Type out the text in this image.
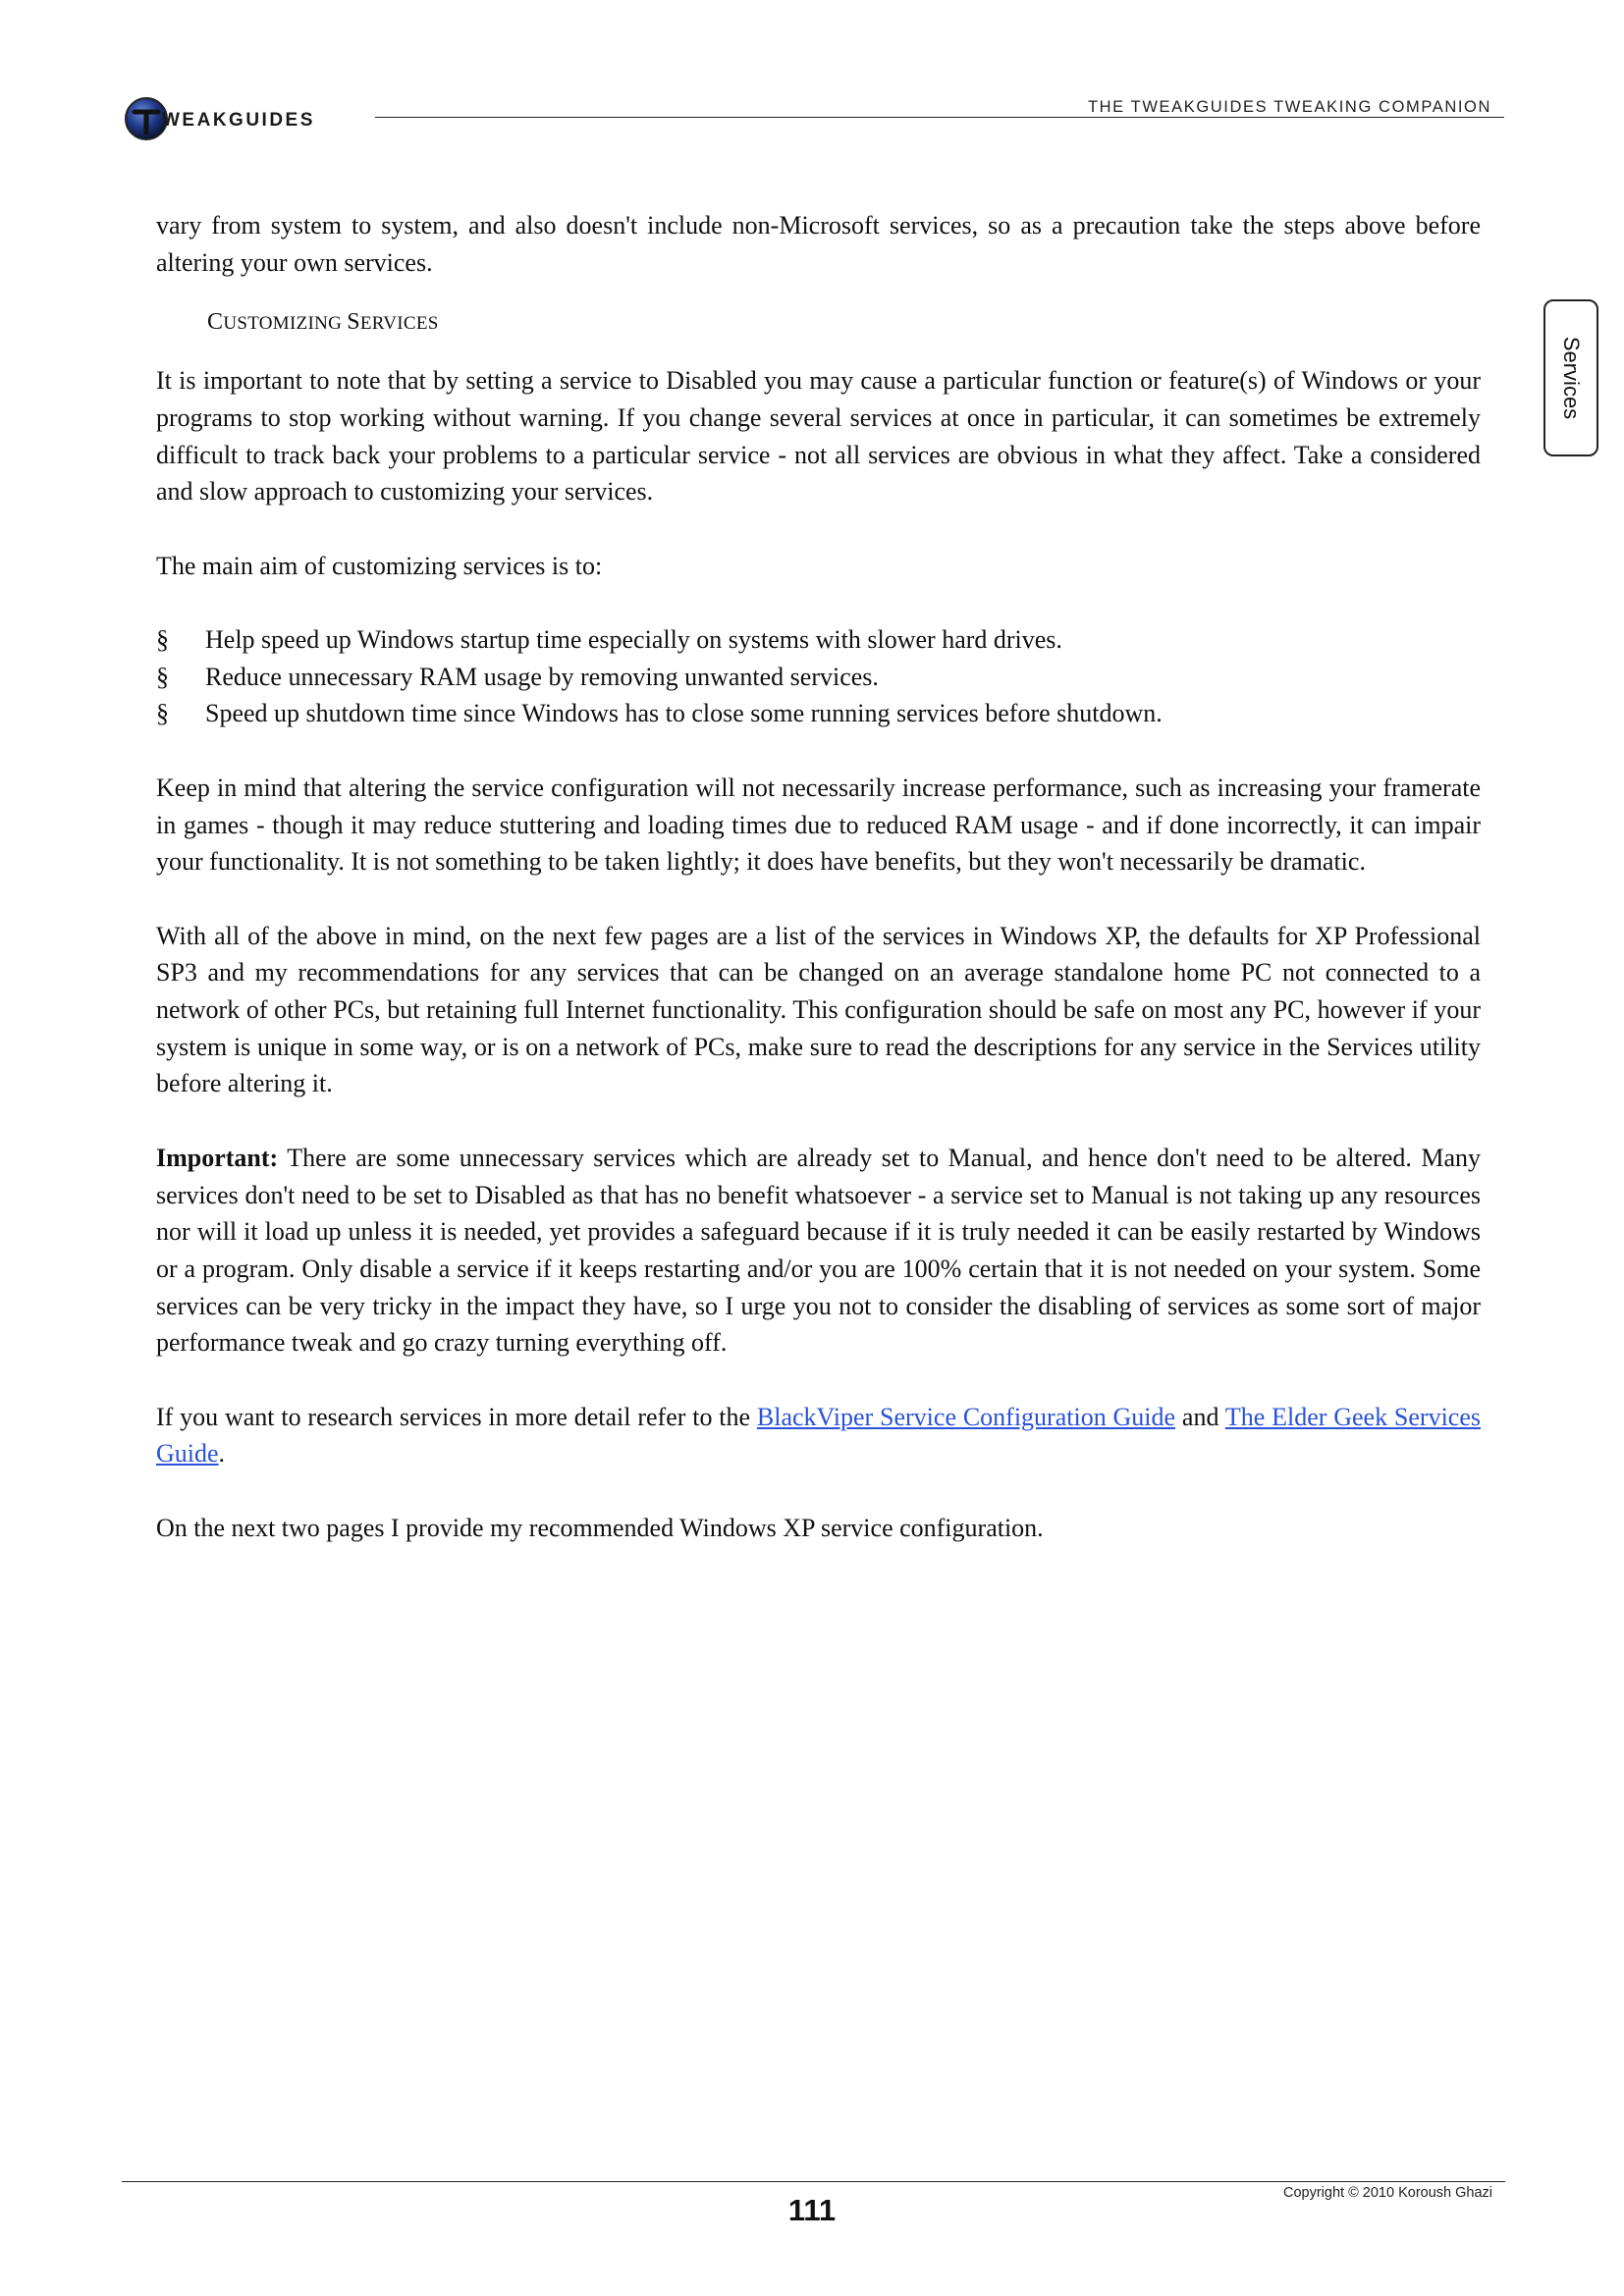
WEAKGUIDES
THE TWEAKGUIDES TWEAKING COMPANION
Services

vary from system to system, and also doesn't include non-Microsoft services, so as a precaution take the steps above before altering your own services.

CUSTOMIZING SERVICES

It is important to note that by setting a service to Disabled you may cause a particular function or feature(s) of Windows or your programs to stop working without warning. If you change several services at once in particular, it can sometimes be extremely difficult to track back your problems to a particular service - not all services are obvious in what they affect. Take a considered and slow approach to customizing your services.

The main aim of customizing services is to:

§ Help speed up Windows startup time especially on systems with slower hard drives.
§ Reduce unnecessary RAM usage by removing unwanted services.
§ Speed up shutdown time since Windows has to close some running services before shutdown.

Keep in mind that altering the service configuration will not necessarily increase performance, such as increasing your framerate in games - though it may reduce stuttering and loading times due to reduced RAM usage - and if done incorrectly, it can impair your functionality. It is not something to be taken lightly; it does have benefits, but they won't necessarily be dramatic.

With all of the above in mind, on the next few pages are a list of the services in Windows XP, the defaults for XP Professional SP3 and my recommendations for any services that can be changed on an average standalone home PC not connected to a network of other PCs, but retaining full Internet functionality. This configuration should be safe on most any PC, however if your system is unique in some way, or is on a network of PCs, make sure to read the descriptions for any service in the Services utility before altering it.

Important: There are some unnecessary services which are already set to Manual, and hence don't need to be altered. Many services don't need to be set to Disabled as that has no benefit whatsoever - a service set to Manual is not taking up any resources nor will it load up unless it is needed, yet provides a safeguard because if it is truly needed it can be easily restarted by Windows or a program. Only disable a service if it keeps restarting and/or you are 100% certain that it is not needed on your system. Some services can be very tricky in the impact they have, so I urge you not to consider the disabling of services as some sort of major performance tweak and go crazy turning everything off.

If you want to research services in more detail refer to the BlackViper Service Configuration Guide and The Elder Geek Services Guide.

On the next two pages I provide my recommended Windows XP service configuration.

111	Copyright © 2010 Koroush Ghazi
